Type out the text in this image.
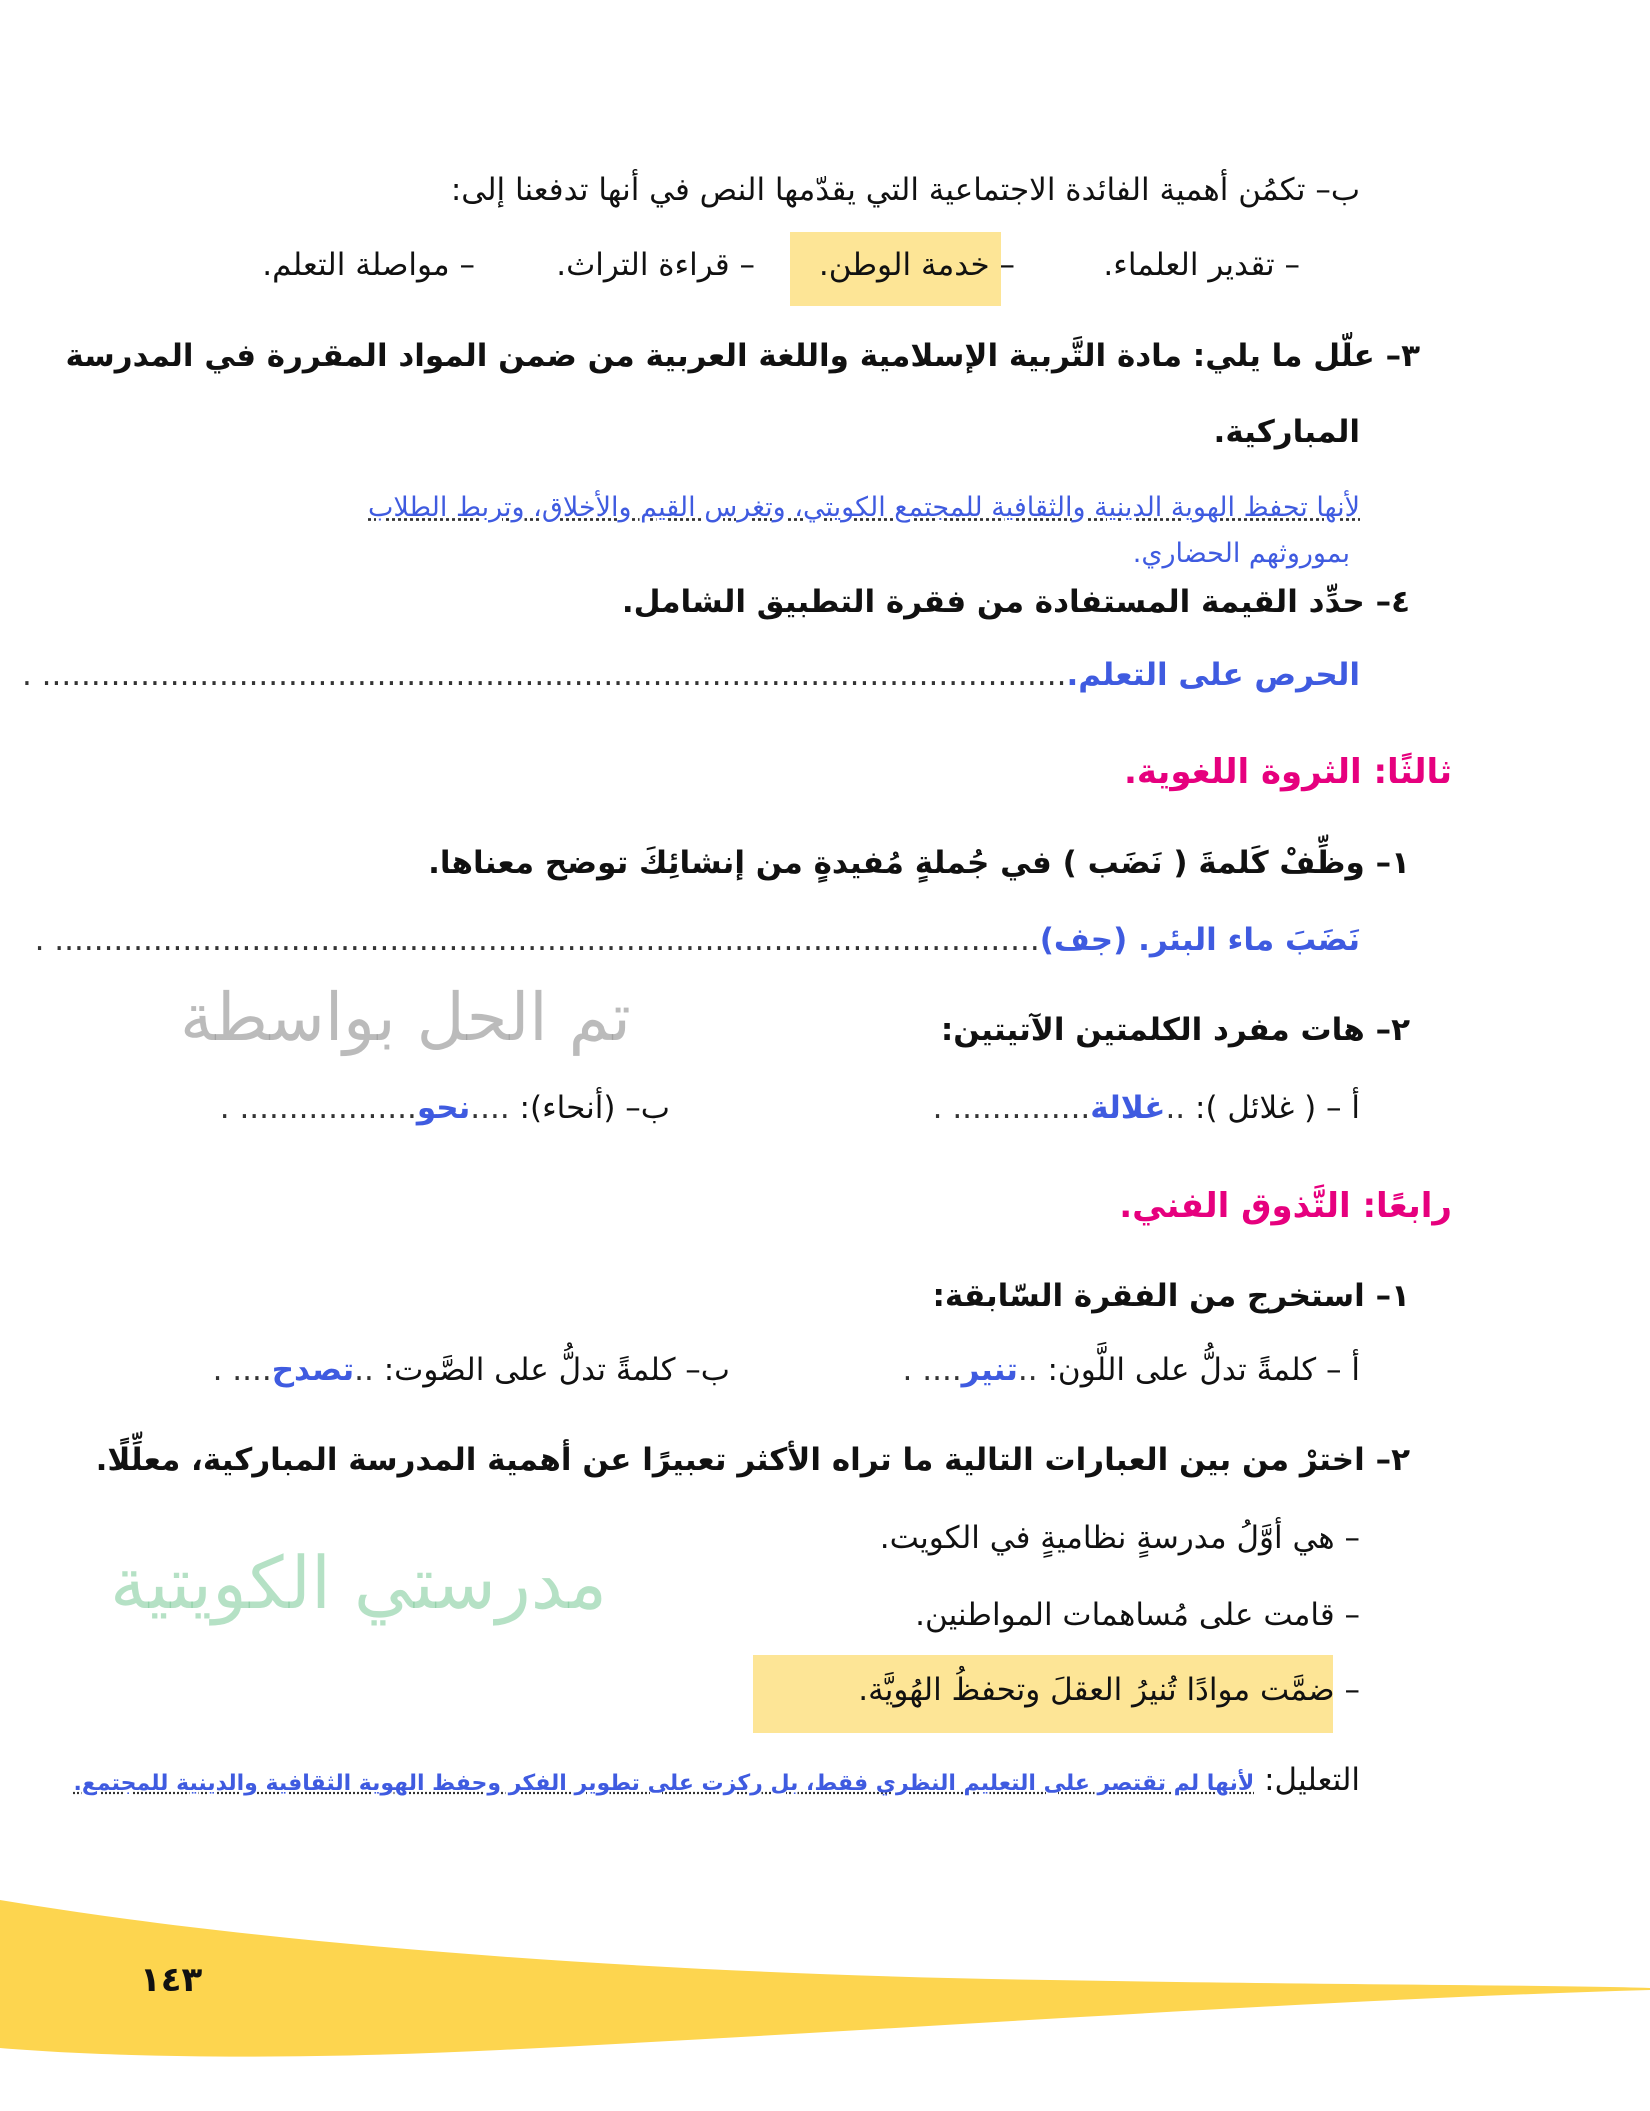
١٤٣
ب– تكمُن أهمية الفائدة الاجتماعية التي يقدّمها النص في أنها تدفعنا إلى:
– تقدير العلماء.
– خدمة الوطن.
– قراءة التراث.
– مواصلة التعلم.
٣– علّل ما يلي: مادة التَّربية الإسلامية واللغة العربية من ضمن المواد المقررة في المدرسة
المباركية.
لأنها تحفظ الهوية الدينية والثقافية للمجتمع الكويتي، وتغرس القيم والأخلاق، وتربط الطلاب
بموروثهم الحضاري.
٤– حدِّد القيمة المستفادة من فقرة التطبيق الشامل.
الحرص على التعلم......................................................................................................... .
ثالثًا: الثروة اللغوية.
١– وظِّفْ كَلمةَ ( نَضَب ) في جُملةٍ مُفيدةٍ من إنشائِكَ توضح معناها.
نَضَبَ ماء البئر. (جف).................................................................................................... .
٢– هات مفرد الكلمتين الآتيتين:
أ – ( غلائل ): ..غلالة.............. .
ب– (أنحاء): ....نحو.................. .
تم الحل بواسطة
مدرستي الكويتية
رابعًا: التَّذوق الفني.
١– استخرج من الفقرة السّابقة:
أ – كلمةً تدلُّ على اللَّون: ..تنير.... .
ب– كلمةً تدلُّ على الصَّوت: ..تصدح.... .
٢– اخترْ من بين العبارات التالية ما تراه الأكثر تعبيرًا عن أهمية المدرسة المباركية، معلِّلًا.
– هي أوَّلُ مدرسةٍ نظاميةٍ في الكويت.
– قامت على مُساهمات المواطنين.
– ضمَّت موادًا تُنيرُ العقلَ وتحفظُ الهُويَّة.
التعليل: لأنها لم تقتصر على التعليم النظري فقط، بل ركزت على تطوير الفكر وحفظ الهوية الثقافية والدينية للمجتمع.
